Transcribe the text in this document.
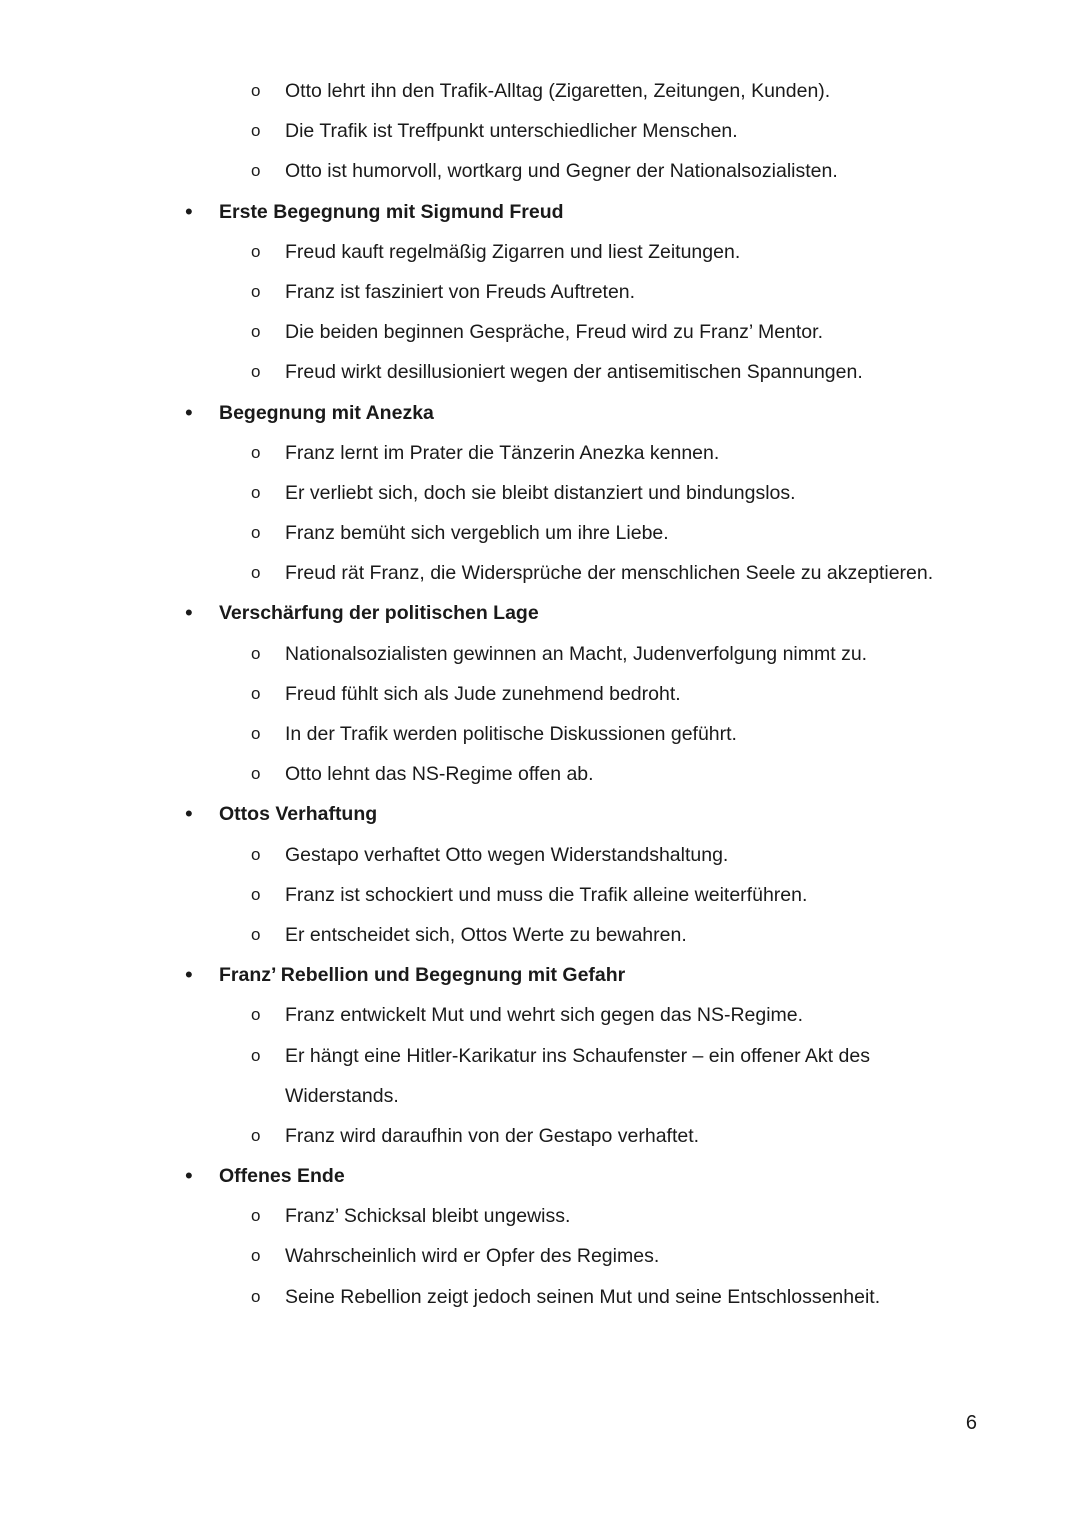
o Otto lehrt ihn den Trafik-Alltag (Zigaretten, Zeitungen, Kunden).
o Die Trafik ist Treffpunkt unterschiedlicher Menschen.
o Otto ist humorvoll, wortkarg und Gegner der Nationalsozialisten.
• Erste Begegnung mit Sigmund Freud
o Freud kauft regelmäßig Zigarren und liest Zeitungen.
o Franz ist fasziniert von Freuds Auftreten.
o Die beiden beginnen Gespräche, Freud wird zu Franz’ Mentor.
o Freud wirkt desillusioniert wegen der antisemitischen Spannungen.
• Begegnung mit Anezka
o Franz lernt im Prater die Tänzerin Anezka kennen.
o Er verliebt sich, doch sie bleibt distanziert und bindungslos.
o Franz bemüht sich vergeblich um ihre Liebe.
o Freud rät Franz, die Widersprüche der menschlichen Seele zu akzeptieren.
• Verschärfung der politischen Lage
o Nationalsozialisten gewinnen an Macht, Judenverfolgung nimmt zu.
o Freud fühlt sich als Jude zunehmend bedroht.
o In der Trafik werden politische Diskussionen geführt.
o Otto lehnt das NS-Regime offen ab.
• Ottos Verhaftung
o Gestapo verhaftet Otto wegen Widerstandshaltung.
o Franz ist schockiert und muss die Trafik alleine weiterführen.
o Er entscheidet sich, Ottos Werte zu bewahren.
• Franz’ Rebellion und Begegnung mit Gefahr
o Franz entwickelt Mut und wehrt sich gegen das NS-Regime.
o Er hängt eine Hitler-Karikatur ins Schaufenster – ein offener Akt des
Widerstands.
o Franz wird daraufhin von der Gestapo verhaftet.
• Offenes Ende
o Franz’ Schicksal bleibt ungewiss.
o Wahrscheinlich wird er Opfer des Regimes.
o Seine Rebellion zeigt jedoch seinen Mut und seine Entschlossenheit.
6
